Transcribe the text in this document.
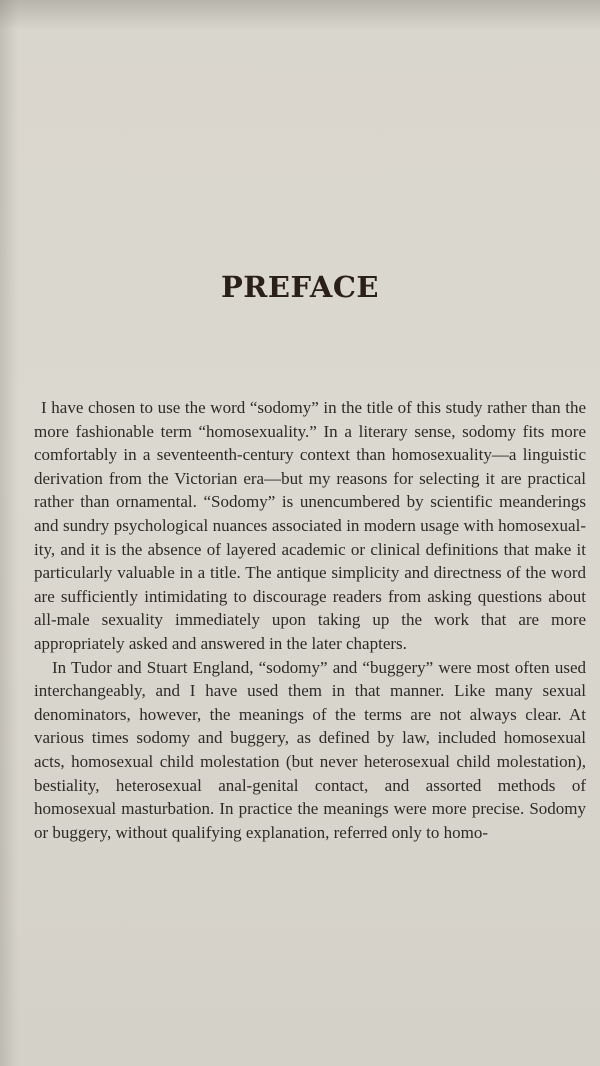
PREFACE

I have chosen to use the word “sodomy” in the title of this study rather than the more fashionable term “homosexuality.” In a literary sense, sodomy fits more comfortably in a seventeenth-century context than homosexuality—a linguistic derivation from the Victorian era—but my reasons for selecting it are practical rather than ornamental. “Sodomy” is unencumbered by scientific meanderings and sundry psychological nuances associated in modern usage with homosexuality, and it is the absence of layered academic or clinical definitions that make it particularly valuable in a title. The antique simplicity and directness of the word are sufficiently intimidating to discourage readers from asking questions about all-male sexuality immediately upon taking up the work that are more appropriately asked and answered in the later chapters.

In Tudor and Stuart England, “sodomy” and “buggery” were most often used interchangeably, and I have used them in that manner. Like many sexual denominators, however, the meanings of the terms are not always clear. At various times sodomy and buggery, as defined by law, included homosexual acts, homosexual child molestation (but never heterosexual child molestation), bestiality, heterosexual anal-genital contact, and assorted methods of homosexual masturbation. In practice the meanings were more precise. Sodomy or buggery, without qualifying explanation, referred only to homo-
